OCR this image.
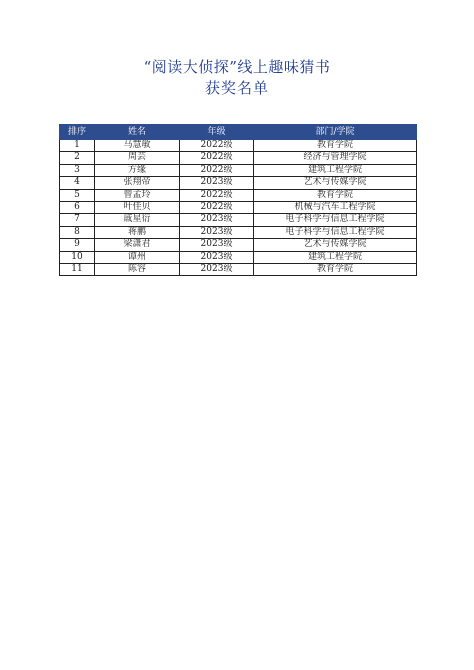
“阅读大侦探”线上趣味猜书
获奖名单
排序	姓名	年级	部门/学院
1	马慧敏	2022级	教育学院
2	周芸	2022级	经济与管理学院
3	方缘	2022级	建筑工程学院
4	张翔帝	2023级	艺术与传媒学院
5	曾孟玲	2022级	教育学院
6	叶佳贝	2022级	机械与汽车工程学院
7	戚星衍	2023级	电子科学与信息工程学院
8	蒋鹏	2023级	电子科学与信息工程学院
9	梁潇君	2023级	艺术与传媒学院
10	谭州	2023级	建筑工程学院
11	陈容	2023级	教育学院
